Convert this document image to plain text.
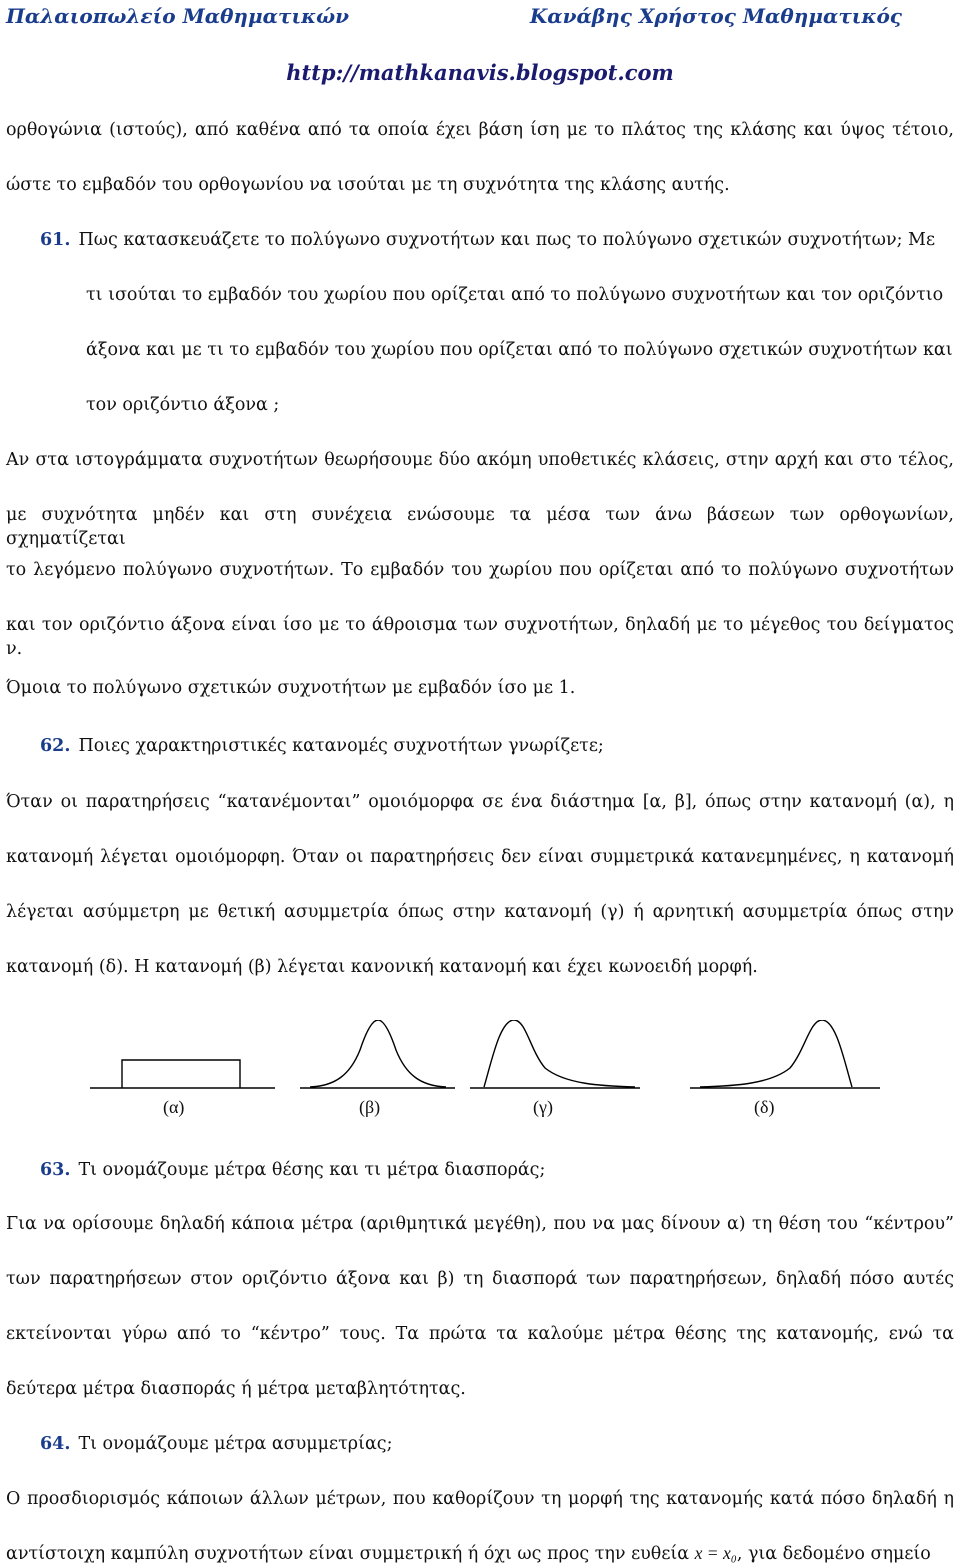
Παλαιοπωλείο Μαθηματικών	Κανάβης Χρήστος Μαθηματικός
http://mathkanavis.blogspot.com
ορθογώνια (ιστούς), από καθένα από τα οποία έχει βάση ίση με το πλάτος της κλάσης και ύψος τέτοιο,
ώστε το εμβαδόν του ορθογωνίου να ισούται με τη συχνότητα της κλάσης αυτής.
61. Πως κατασκευάζετε το πολύγωνο συχνοτήτων και πως το πολύγωνο σχετικών συχνοτήτων; Με
τι ισούται το εμβαδόν του χωρίου που ορίζεται από το πολύγωνο συχνοτήτων και τον οριζόντιο
άξονα και με τι το εμβαδόν του χωρίου που ορίζεται από το πολύγωνο σχετικών συχνοτήτων και
τον οριζόντιο άξονα ;
Αν στα ιστογράμματα συχνοτήτων θεωρήσουμε δύο ακόμη υποθετικές κλάσεις, στην αρχή και στο τέλος,
με συχνότητα μηδέν και στη συνέχεια ενώσουμε τα μέσα των άνω βάσεων των ορθογωνίων, σχηματίζεται
το λεγόμενο πολύγωνο συχνοτήτων. Το εμβαδόν του χωρίου που ορίζεται από το πολύγωνο συχνοτήτων
και τον οριζόντιο άξονα είναι ίσο με το άθροισμα των συχνοτήτων, δηλαδή με το μέγεθος του δείγματος ν.
Όμοια το πολύγωνο σχετικών συχνοτήτων με εμβαδόν ίσο με 1.
62. Ποιες χαρακτηριστικές κατανομές συχνοτήτων γνωρίζετε;
Όταν οι παρατηρήσεις “κατανέμονται” ομοιόμορφα σε ένα διάστημα [α, β], όπως στην κατανομή (α), η
κατανομή λέγεται ομοιόμορφη. Όταν οι παρατηρήσεις δεν είναι συμμετρικά κατανεμημένες, η κατανομή
λέγεται ασύμμετρη με θετική ασυμμετρία όπως στην κατανομή (γ) ή αρνητική ασυμμετρία όπως στην
κατανομή (δ). Η κατανομή (β) λέγεται κανονική κατανομή και έχει κωνοειδή μορφή.
(α)	(β)	(γ)	(δ)
63. Τι ονομάζουμε μέτρα θέσης και τι μέτρα διασποράς;
Για να ορίσουμε δηλαδή κάποια μέτρα (αριθμητικά μεγέθη), που να μας δίνουν α) τη θέση του “κέντρου”
των παρατηρήσεων στον οριζόντιο άξονα και β) τη διασπορά των παρατηρήσεων, δηλαδή πόσο αυτές
εκτείνονται γύρω από το “κέντρο” τους. Τα πρώτα τα καλούμε μέτρα θέσης της κατανομής, ενώ τα
δεύτερα μέτρα διασποράς ή μέτρα μεταβλητότητας.
64. Τι ονομάζουμε μέτρα ασυμμετρίας;
Ο προσδιορισμός κάποιων άλλων μέτρων, που καθορίζουν τη μορφή της κατανομής κατά πόσο δηλαδή η
αντίστοιχη καμπύλη συχνοτήτων είναι συμμετρική ή όχι ως προς την ευθεία x = x₀, για δεδομένο σημείο
